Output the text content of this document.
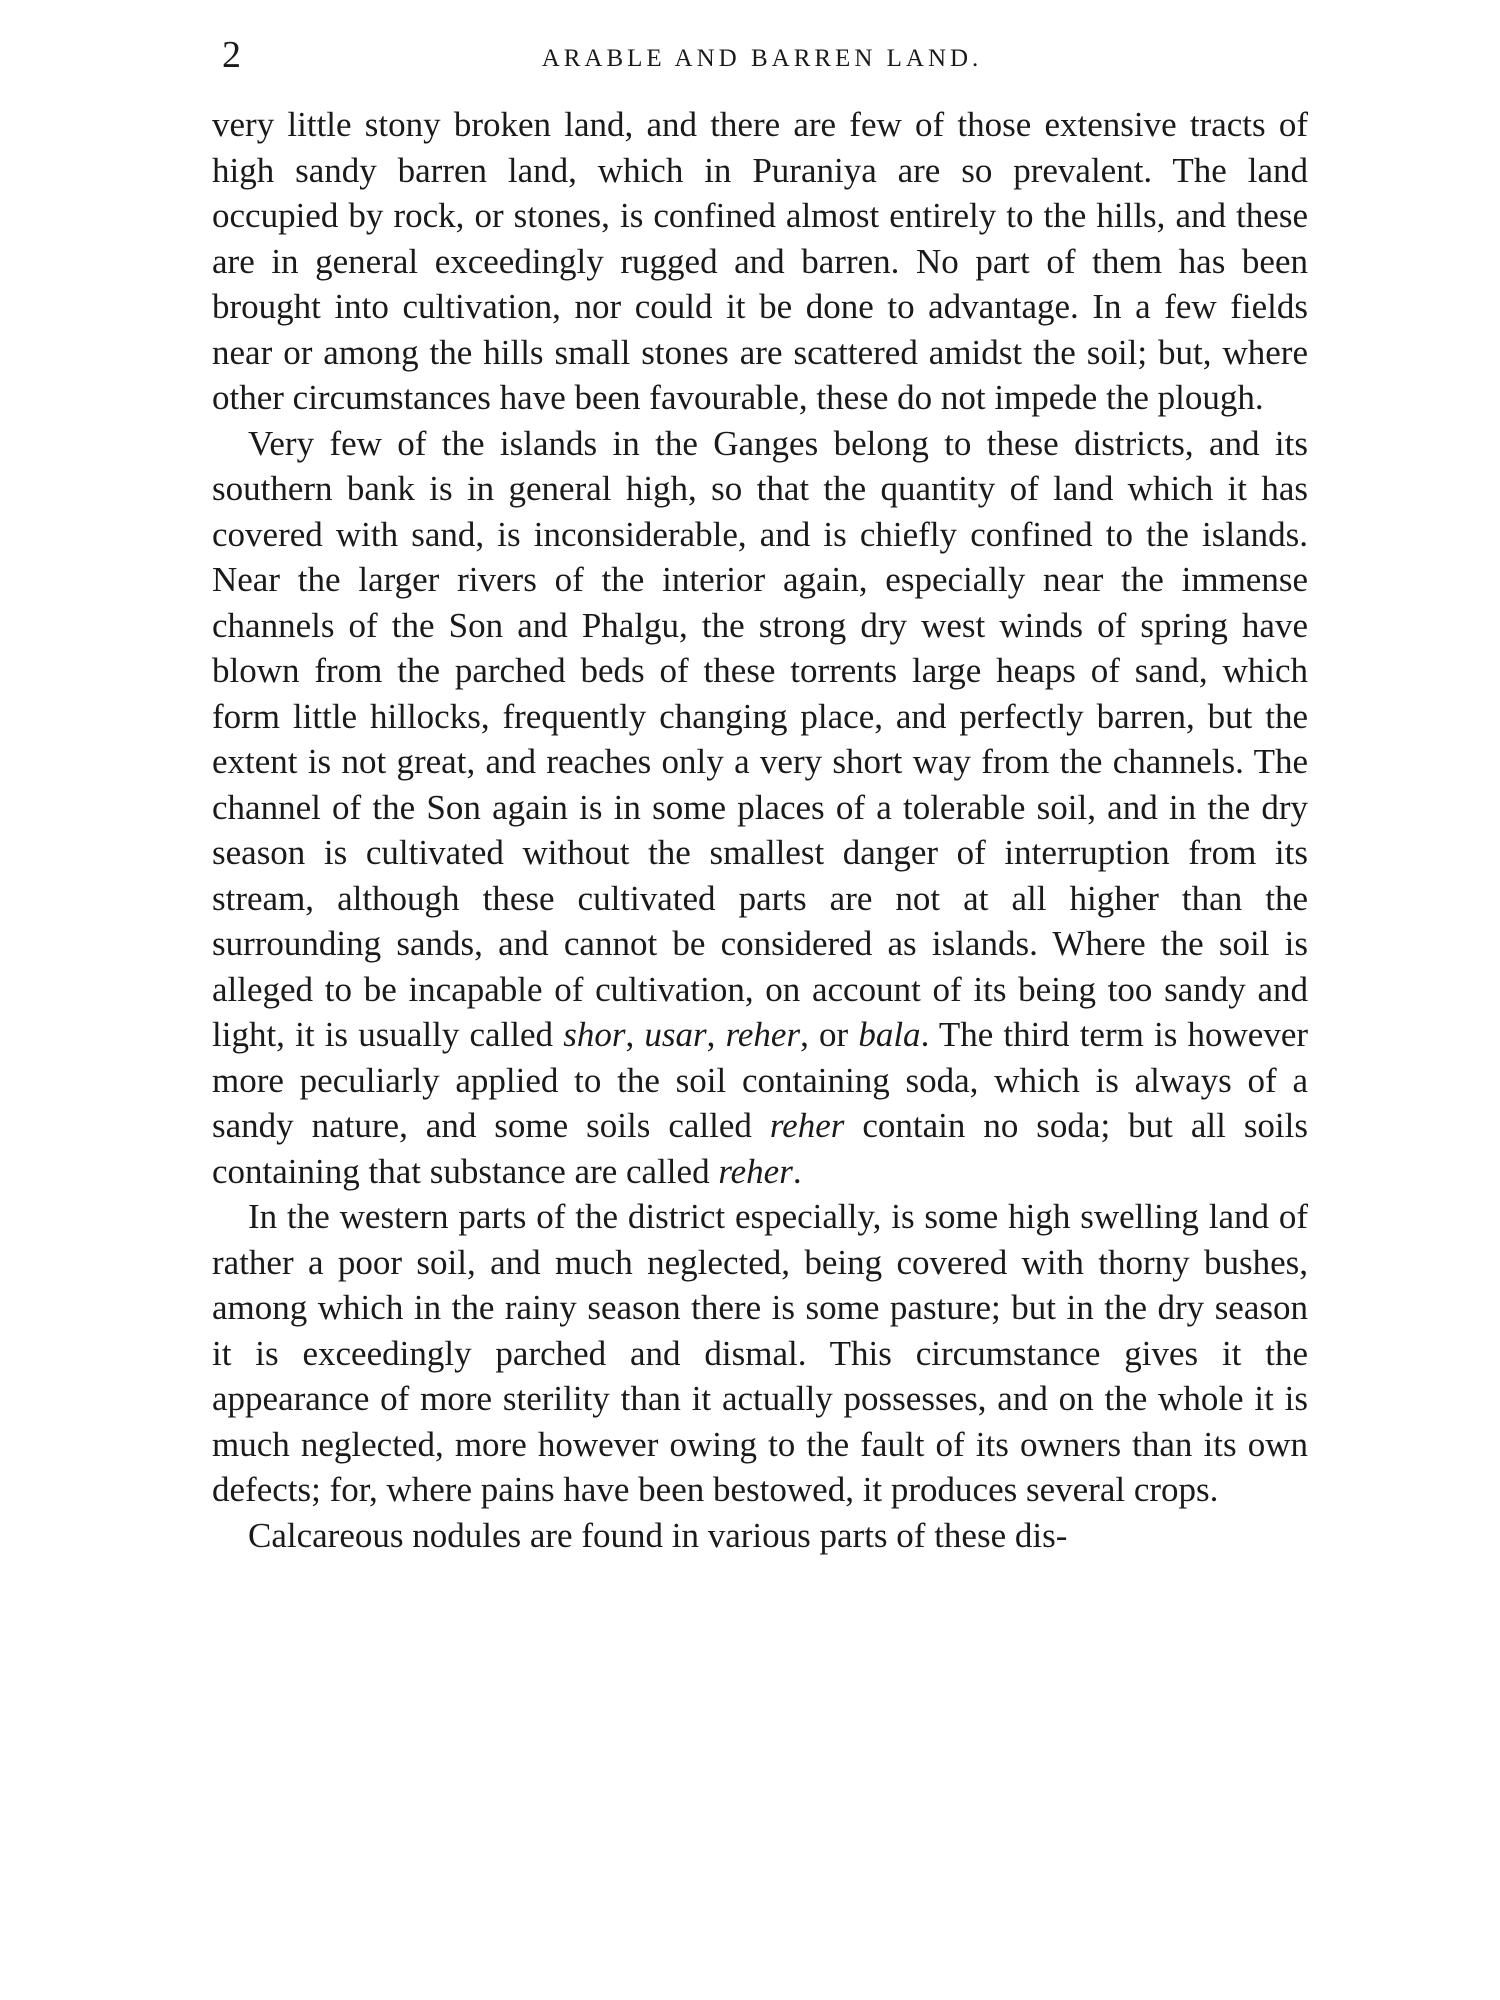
2	ARABLE AND BARREN LAND.

very little stony broken land, and there are few of those extensive tracts of high sandy barren land, which in Puraniya are so prevalent. The land occupied by rock, or stones, is confined almost entirely to the hills, and these are in general exceedingly rugged and barren. No part of them has been brought into cultivation, nor could it be done to advantage. In a few fields near or among the hills small stones are scattered amidst the soil; but, where other circumstances have been favourable, these do not impede the plough.

Very few of the islands in the Ganges belong to these districts, and its southern bank is in general high, so that the quantity of land which it has covered with sand, is inconsiderable, and is chiefly confined to the islands. Near the larger rivers of the interior again, especially near the immense channels of the Son and Phalgu, the strong dry west winds of spring have blown from the parched beds of these torrents large heaps of sand, which form little hillocks, frequently changing place, and perfectly barren, but the extent is not great, and reaches only a very short way from the channels. The channel of the Son again is in some places of a tolerable soil, and in the dry season is cultivated without the smallest danger of interruption from its stream, although these cultivated parts are not at all higher than the surrounding sands, and cannot be considered as islands. Where the soil is alleged to be incapable of cultivation, on account of its being too sandy and light, it is usually called shor, usar, reher, or bala. The third term is however more peculiarly applied to the soil containing soda, which is always of a sandy nature, and some soils called reher contain no soda; but all soils containing that substance are called reher.

In the western parts of the district especially, is some high swelling land of rather a poor soil, and much neglected, being covered with thorny bushes, among which in the rainy season there is some pasture; but in the dry season it is exceedingly parched and dismal. This circumstance gives it the appearance of more sterility than it actually possesses, and on the whole it is much neglected, more however owing to the fault of its owners than its own defects; for, where pains have been bestowed, it produces several crops.

Calcareous nodules are found in various parts of these dis-
